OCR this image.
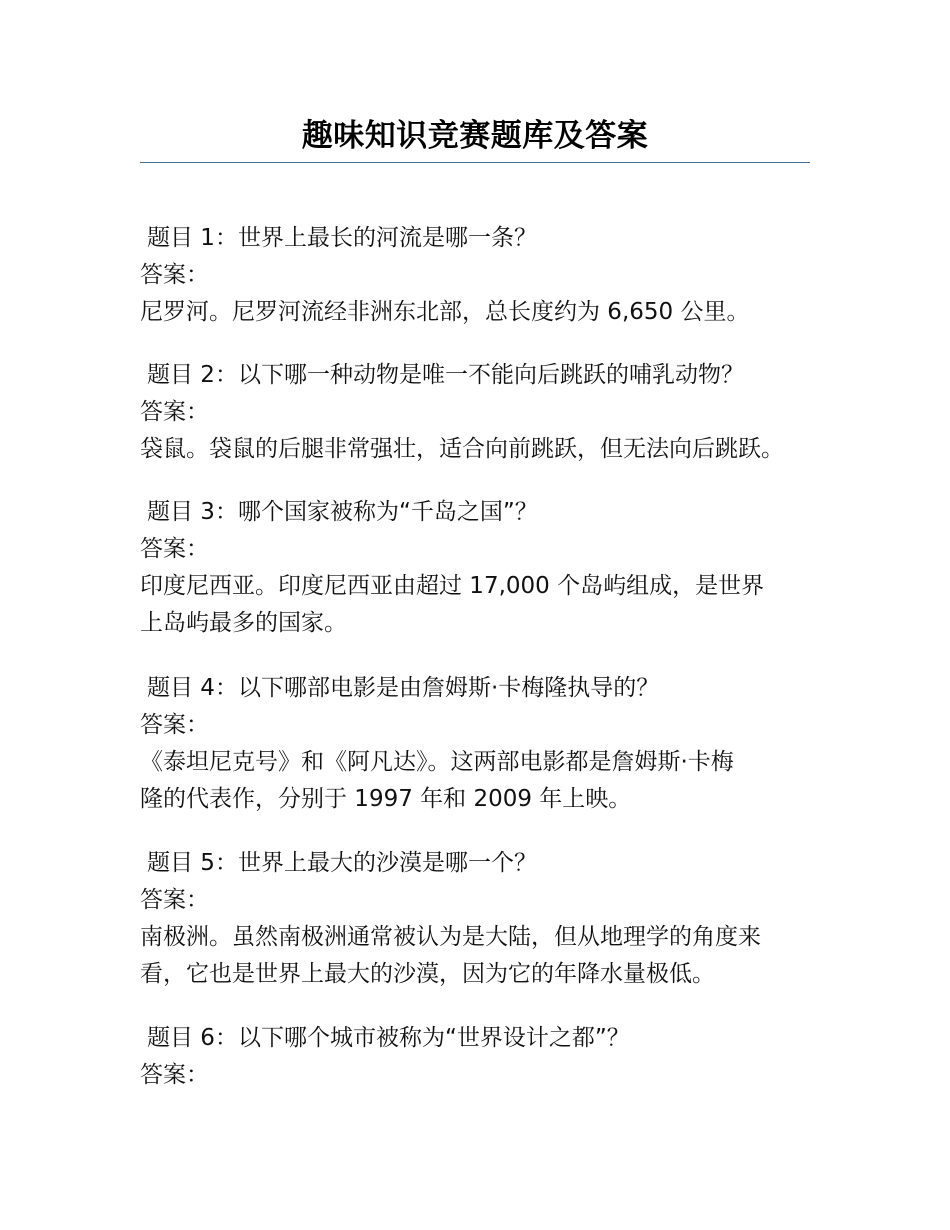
趣味知识竞赛题库及答案
题目 1：世界上最长的河流是哪一条？
答案：
尼罗河。尼罗河流经非洲东北部，总长度约为 6,650 公里。
题目 2：以下哪一种动物是唯一不能向后跳跃的哺乳动物？
答案：
袋鼠。袋鼠的后腿非常强壮，适合向前跳跃，但无法向后跳跃。
题目 3：哪个国家被称为“千岛之国”？
答案：
印度尼西亚。印度尼西亚由超过 17,000 个岛屿组成，是世界
上岛屿最多的国家。
题目 4：以下哪部电影是由詹姆斯·卡梅隆执导的？
答案：
《泰坦尼克号》和《阿凡达》。这两部电影都是詹姆斯·卡梅
隆的代表作，分别于 1997 年和 2009 年上映。
题目 5：世界上最大的沙漠是哪一个？
答案：
南极洲。虽然南极洲通常被认为是大陆，但从地理学的角度来
看，它也是世界上最大的沙漠，因为它的年降水量极低。
题目 6：以下哪个城市被称为“世界设计之都”？
答案：
